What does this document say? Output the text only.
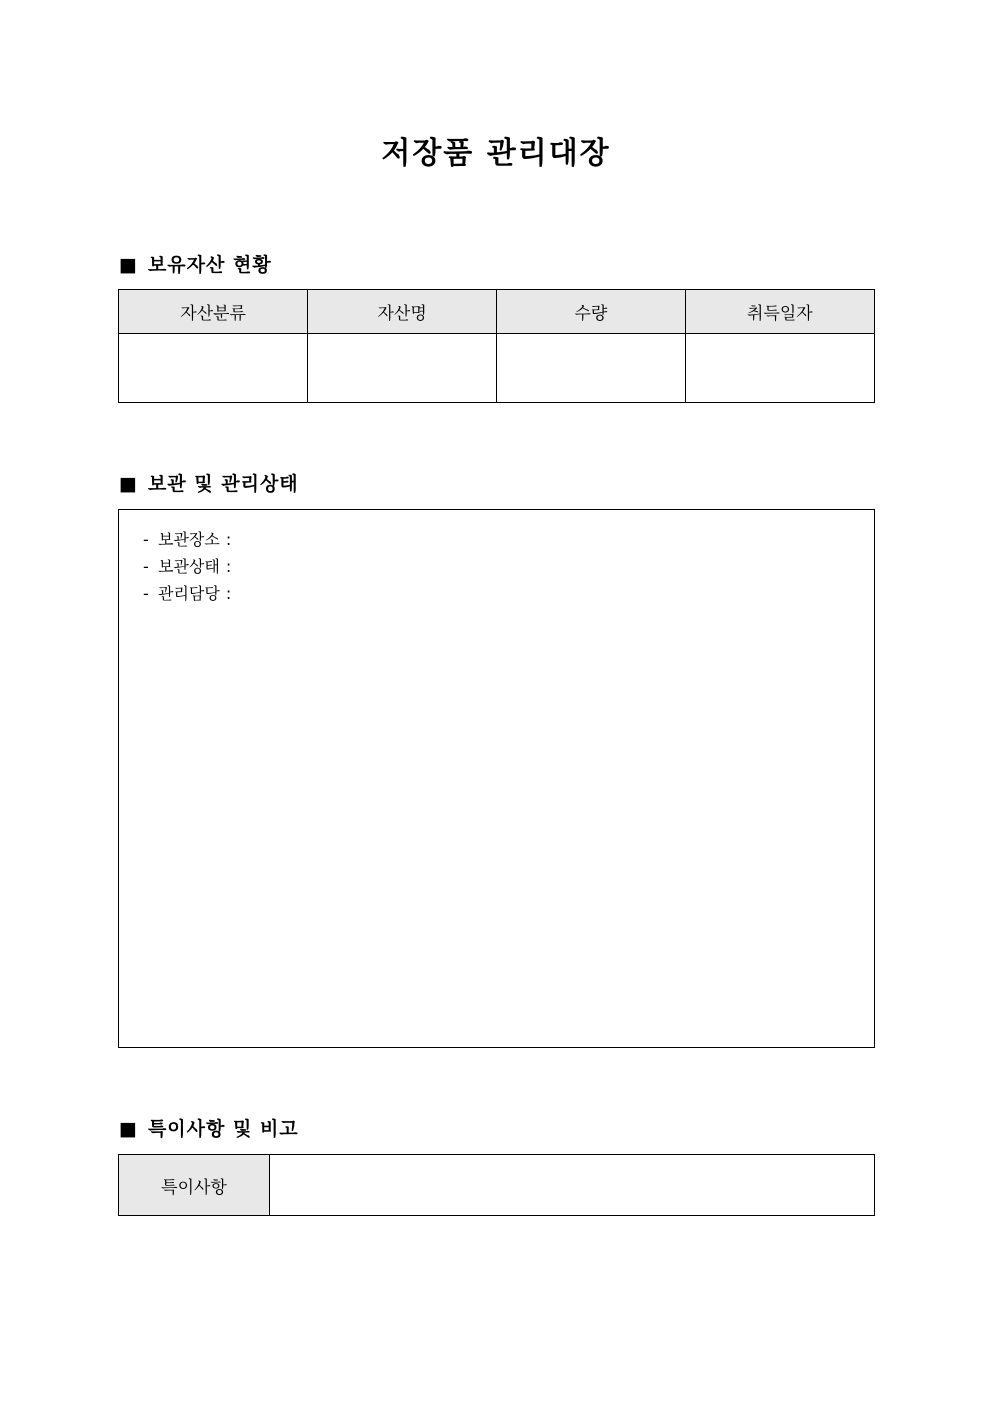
저장품 관리대장
■ 보유자산 현황
자산분류	자산명	수량	취득일자

■ 보관 및 관리상태
- 보관장소 :
- 보관상태 :
- 관리담당 :
■ 특이사항 및 비고
특이사항	
